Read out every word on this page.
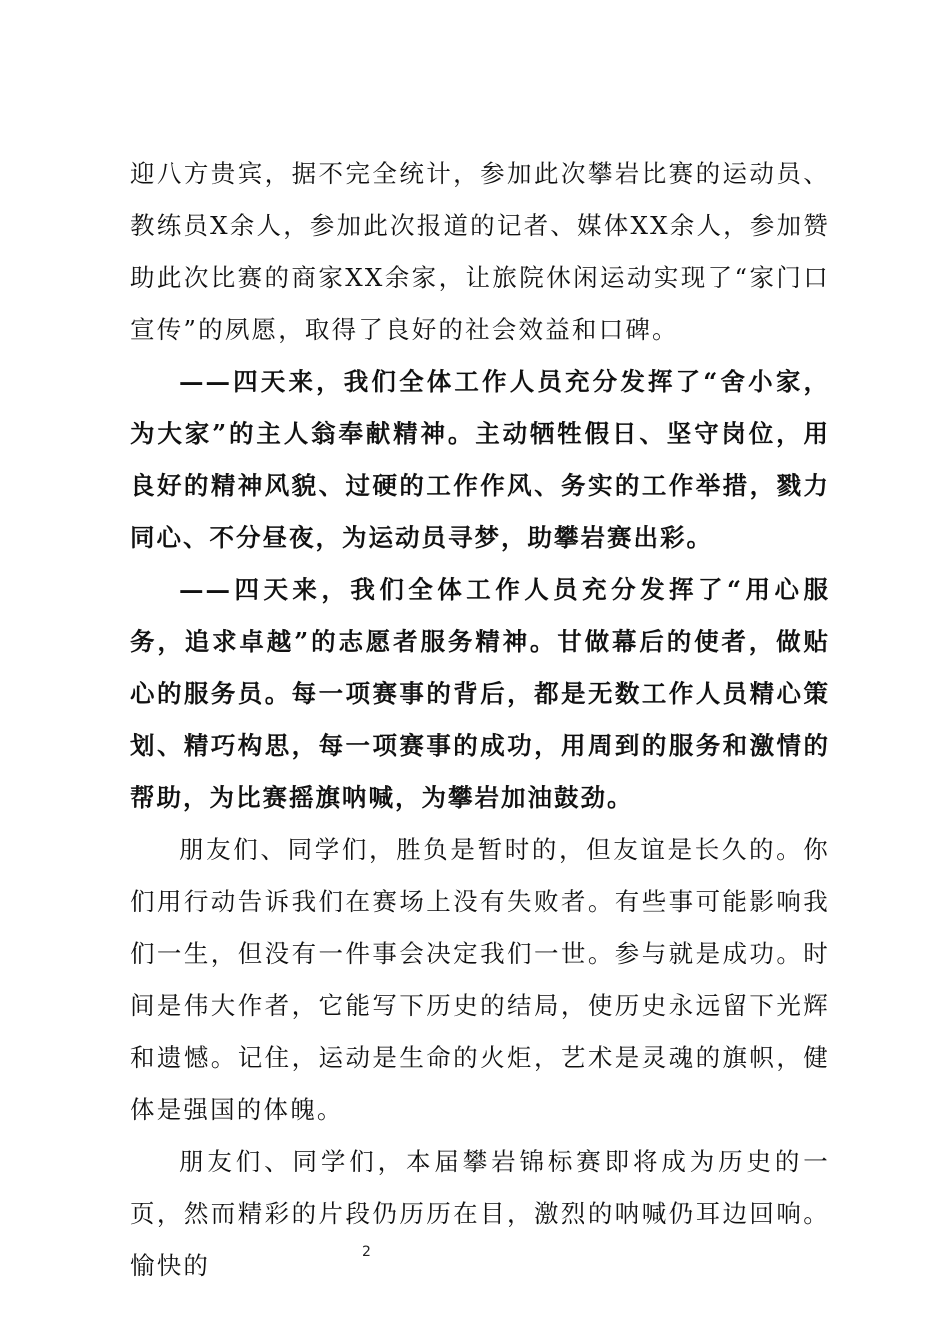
迎八方贵宾，据不完全统计，参加此次攀岩比赛的运动员、教练员X余人，参加此次报道的记者、媒体XX余人，参加赞助此次比赛的商家XX余家，让旅院休闲运动实现了“家门口宣传”的夙愿，取得了良好的社会效益和口碑。

——四天来，我们全体工作人员充分发挥了“舍小家，为大家”的主人翁奉献精神。主动牺牲假日、坚守岗位，用良好的精神风貌、过硬的工作作风、务实的工作举措，戮力同心、不分昼夜，为运动员寻梦，助攀岩赛出彩。

——四天来，我们全体工作人员充分发挥了“用心服务，追求卓越”的志愿者服务精神。甘做幕后的使者，做贴心的服务员。每一项赛事的背后，都是无数工作人员精心策划、精巧构思，每一项赛事的成功，用周到的服务和激情的帮助，为比赛摇旗呐喊，为攀岩加油鼓劲。

朋友们、同学们，胜负是暂时的，但友谊是长久的。你们用行动告诉我们在赛场上没有失败者。有些事可能影响我们一生，但没有一件事会决定我们一世。参与就是成功。时间是伟大作者，它能写下历史的结局，使历史永远留下光辉和遗憾。记住，运动是生命的火炬，艺术是灵魂的旗帜，健体是强国的体魄。

朋友们、同学们，本届攀岩锦标赛即将成为历史的一页，然而精彩的片段仍历历在目，激烈的呐喊仍耳边回响。愉快的	2
